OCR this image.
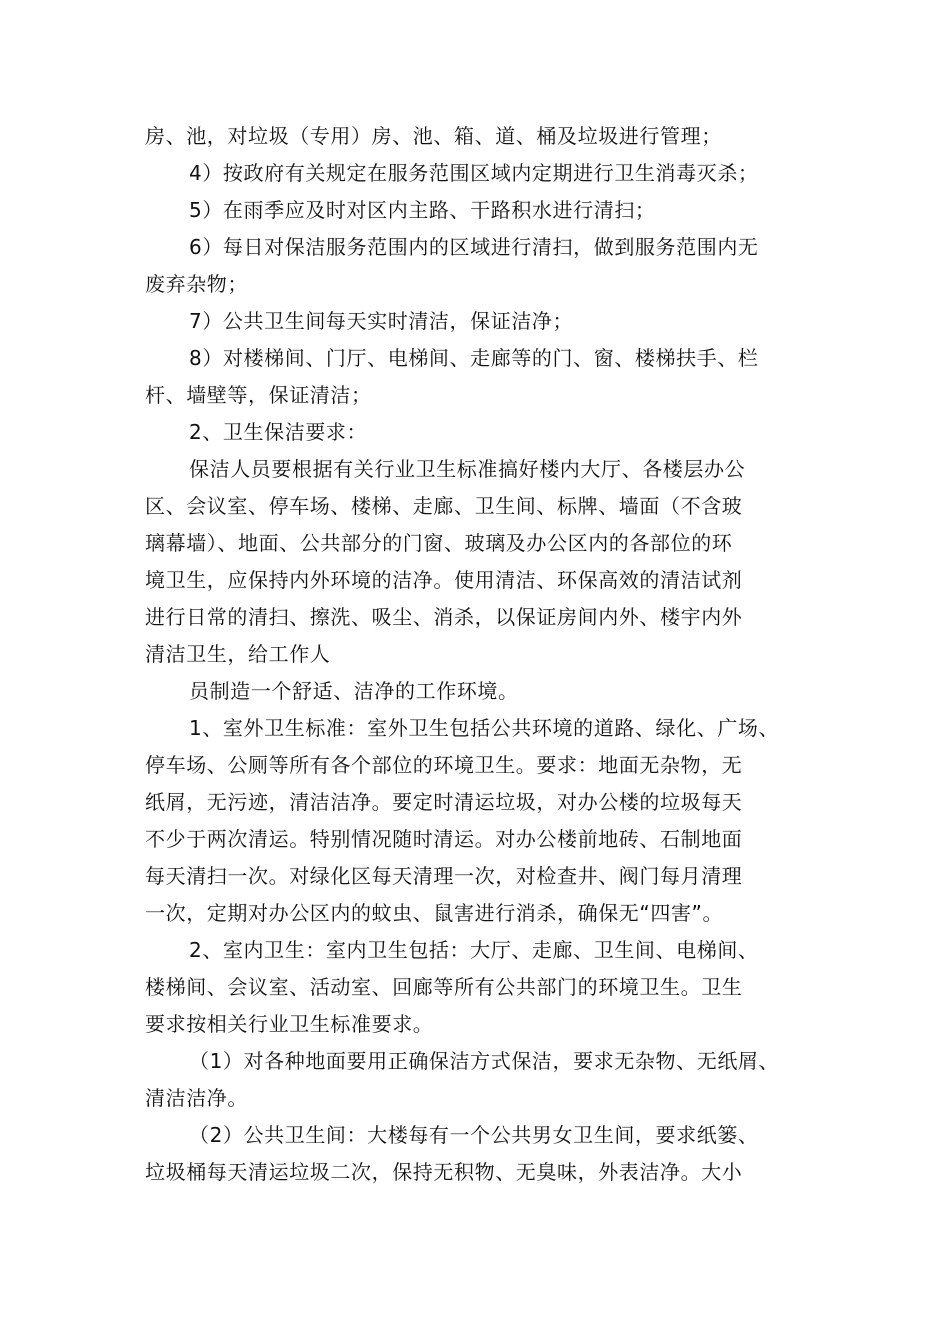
房、池，对垃圾（专用）房、池、箱、道、桶及垃圾进行管理；
4）按政府有关规定在服务范围区域内定期进行卫生消毒灭杀；
5）在雨季应及时对区内主路、干路积水进行清扫；
6）每日对保洁服务范围内的区域进行清扫，做到服务范围内无
废弃杂物；
7）公共卫生间每天实时清洁，保证洁净；
8）对楼梯间、门厅、电梯间、走廊等的门、窗、楼梯扶手、栏
杆、墙壁等，保证清洁；
2、卫生保洁要求：
保洁人员要根据有关行业卫生标准搞好楼内大厅、各楼层办公
区、会议室、停车场、楼梯、走廊、卫生间、标牌、墙面（不含玻
璃幕墙）、地面、公共部分的门窗、玻璃及办公区内的各部位的环
境卫生，应保持内外环境的洁净。使用清洁、环保高效的清洁试剂
进行日常的清扫、擦洗、吸尘、消杀，以保证房间内外、楼宇内外
清洁卫生，给工作人
员制造一个舒适、洁净的工作环境。
1、室外卫生标准：室外卫生包括公共环境的道路、绿化、广场、
停车场、公厕等所有各个部位的环境卫生。要求：地面无杂物，无
纸屑，无污迹，清洁洁净。要定时清运垃圾，对办公楼的垃圾每天
不少于两次清运。特别情况随时清运。对办公楼前地砖、石制地面
每天清扫一次。对绿化区每天清理一次，对检查井、阀门每月清理
一次，定期对办公区内的蚊虫、鼠害进行消杀，确保无“四害”。
2、室内卫生：室内卫生包括：大厅、走廊、卫生间、电梯间、
楼梯间、会议室、活动室、回廊等所有公共部门的环境卫生。卫生
要求按相关行业卫生标准要求。
（1）对各种地面要用正确保洁方式保洁，要求无杂物、无纸屑、
清洁洁净。
（2）公共卫生间：大楼每有一个公共男女卫生间，要求纸篓、
垃圾桶每天清运垃圾二次，保持无积物、无臭味，外表洁净。大小
